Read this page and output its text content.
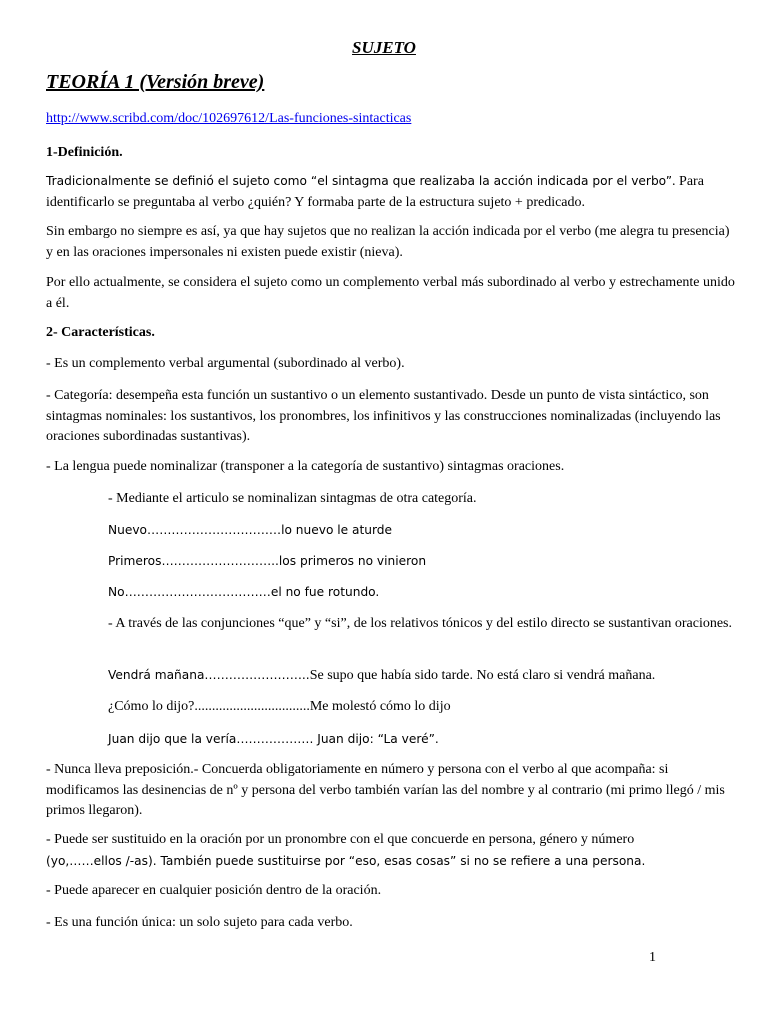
SUJETO
TEORÍA 1 (Versión breve)
http://www.scribd.com/doc/102697612/Las-funciones-sintacticas

1-Definición.

Tradicionalmente se definió el sujeto como “el sintagma que realizaba la acción indicada por el verbo”. Para
identificarlo se preguntaba al verbo ¿quién? Y formaba parte de la estructura sujeto + predicado.

Sin embargo no siempre es así, ya que hay sujetos que no realizan la acción indicada por el verbo (me alegra tu presencia) y en las oraciones impersonales ni existen puede existir (nieva).

Por ello actualmente, se considera el sujeto como un complemento verbal más subordinado al verbo y estrechamente unido a él.

2- Características.

- Es un complemento verbal argumental (subordinado al verbo).

- Categoría: desempeña esta función un sustantivo o un elemento sustantivado. Desde un punto de vista sintáctico, son sintagmas nominales: los sustantivos, los pronombres, los infinitivos y las construcciones nominalizadas (incluyendo las oraciones subordinadas sustantivas).

- La lengua puede nominalizar (transponer a la categoría de sustantivo) sintagmas oraciones.

- Mediante el articulo se nominalizan sintagmas de otra categoría.

Nuevo……………………………lo nuevo le aturde

Primeros………………………..los primeros no vinieron

No………………………………el no fue rotundo.

- A través de las conjunciones “que” y “si”, de los relativos tónicos y del estilo directo se sustantivan oraciones.

Vendrá mañana……………………..Se supo que había sido tarde. No está claro si vendrá mañana.

¿Cómo lo dijo?.................................Me molestó cómo lo dijo

Juan dijo que la vería………………. Juan dijo: “La veré”.

- Nunca lleva preposición.- Concuerda obligatoriamente en número y persona con el verbo al que acompaña: si modificamos las desinencias de nº y persona del verbo también varían las del nombre y al contrario (mi primo llegó / mis primos llegaron).

- Puede ser sustituido en la oración por un pronombre con el que concuerde en persona, género y número
(yo,……ellos /-as). También puede sustituirse por “eso, esas cosas” si no se refiere a una persona.

- Puede aparecer en cualquier posición dentro de la oración.

- Es una función única: un solo sujeto para cada verbo.

1
